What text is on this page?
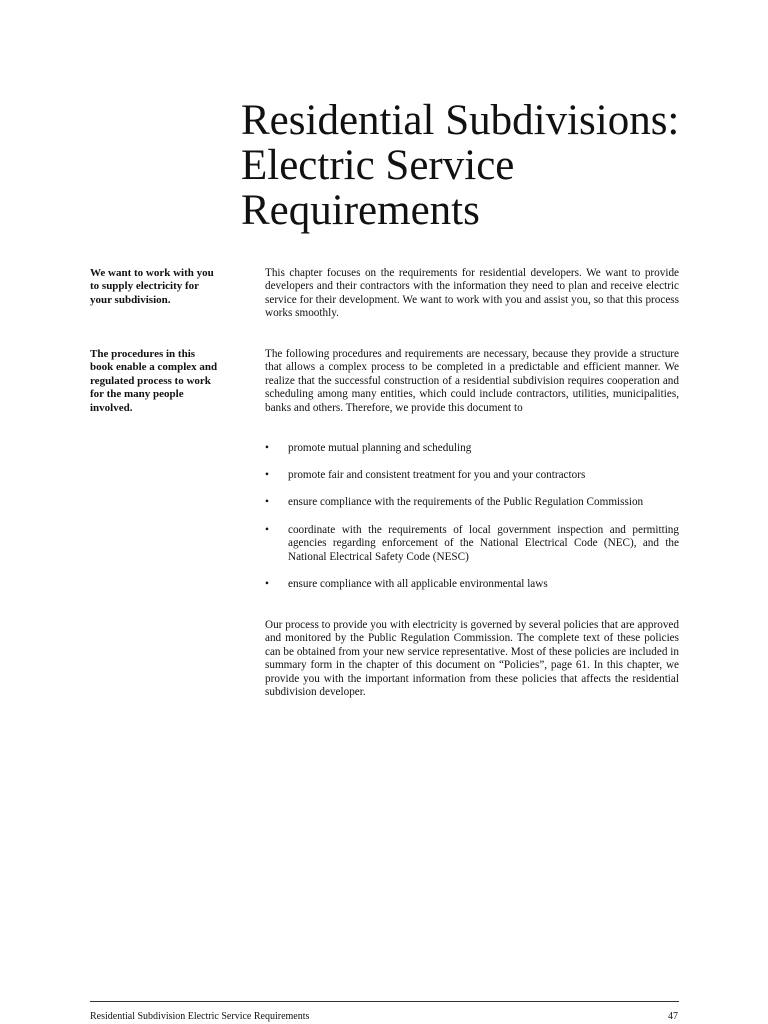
Residential Subdivisions: Electric Service Requirements
We want to work with you to supply electricity for your subdivision.
The procedures in this book enable a complex and regulated process to work for the many people involved.
This chapter focuses on the requirements for residential developers. We want to provide developers and their contractors with the information they need to plan and receive electric service for their development. We want to work with you and assist you, so that this process works smoothly.
The following procedures and requirements are necessary, because they provide a structure that allows a complex process to be completed in a predictable and efficient manner. We realize that the successful construction of a residential subdivision requires cooperation and scheduling among many entities, which could include contractors, utilities, municipalities, banks and others. Therefore, we provide this document to
• promote mutual planning and scheduling
• promote fair and consistent treatment for you and your contractors
• ensure compliance with the requirements of the Public Regulation Commission
• coordinate with the requirements of local government inspection and permitting agencies regarding enforcement of the National Electrical Code (NEC), and the National Electrical Safety Code (NESC)
• ensure compliance with all applicable environmental laws
Our process to provide you with electricity is governed by several policies that are approved and monitored by the Public Regulation Commission. The complete text of these policies can be obtained from your new service representative. Most of these policies are included in summary form in the chapter of this document on “Policies”, page 61. In this chapter, we provide you with the important information from these policies that affects the residential subdivision developer.
Residential Subdivision Electric Service Requirements	47
